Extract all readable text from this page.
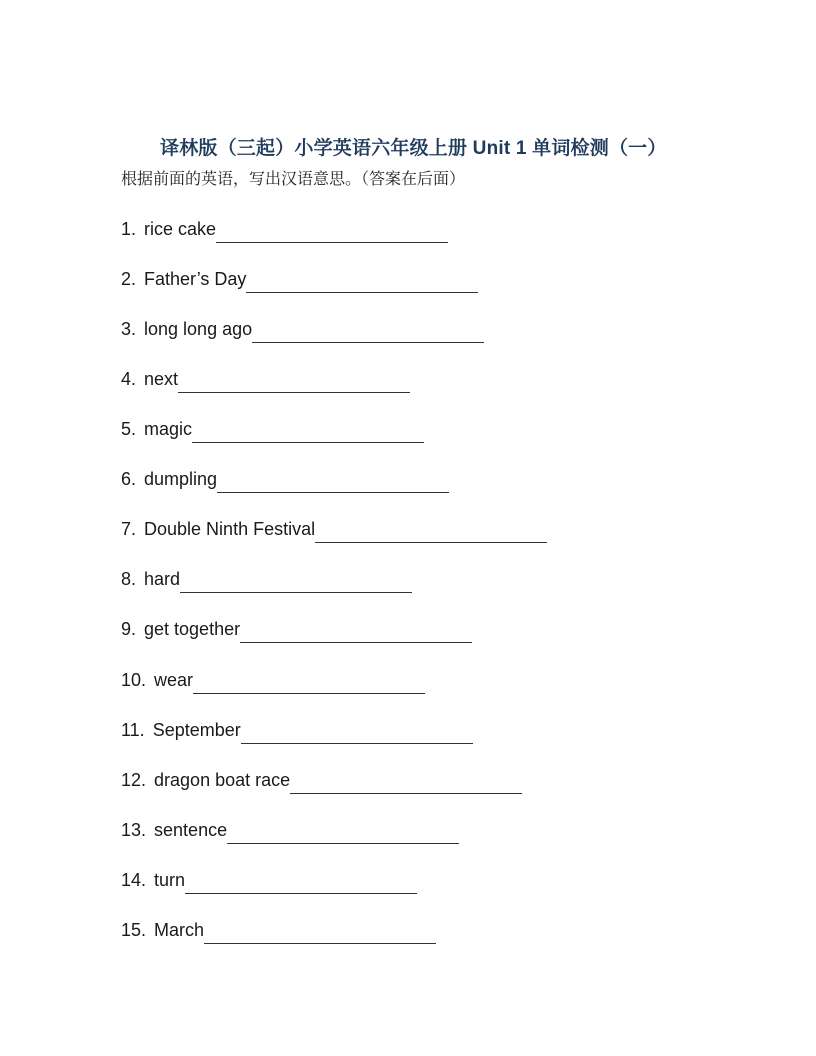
译林版（三起）小学英语六年级上册 Unit 1 单词检测（一）
根据前面的英语，写出汉语意思。（答案在后面）
1. rice cake
2. Father’s Day
3. long long ago
4. next
5. magic
6. dumpling
7. Double Ninth Festival
8. hard
9. get together
10. wear
11. September
12. dragon boat race
13. sentence
14. turn
15. March
